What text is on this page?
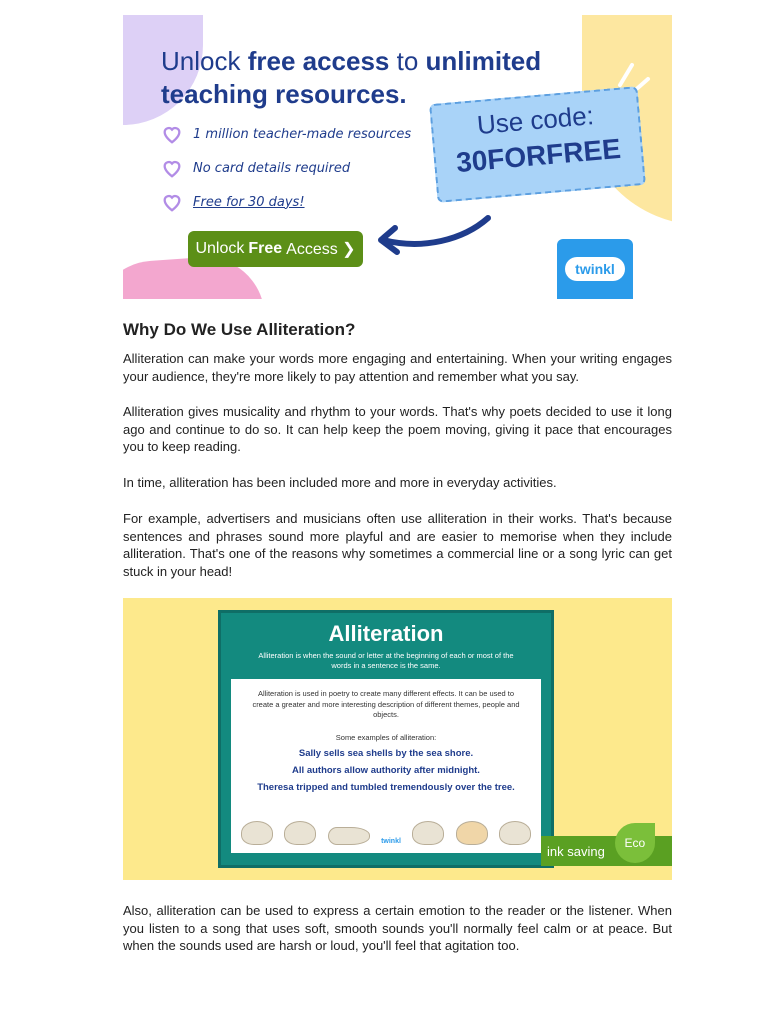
Unlock free access to unlimited teaching resources.
1 million teacher-made resources
No card details required
Free for 30 days!
Unlock Free Access ❯
Use code:
30FORFREE
twinkl
Why Do We Use Alliteration?
Alliteration can make your words more engaging and entertaining. When your writing engages your audience, they're more likely to pay attention and remember what you say.
Alliteration gives musicality and rhythm to your words. That's why poets decided to use it long ago and continue to do so. It can help keep the poem moving, giving it pace that encourages you to keep reading.
In time, alliteration has been included more and more in everyday activities.
For example, advertisers and musicians often use alliteration in their works. That's because sentences and phrases sound more playful and are easier to memorise when they include alliteration. That's one of the reasons why sometimes a commercial line or a song lyric can get stuck in your head!
Alliteration
Alliteration is when the sound or letter at the beginning of each or most of the words in a sentence is the same.
Alliteration is used in poetry to create many different effects. It can be used to create a greater and more interesting description of different themes, people and objects.
Some examples of alliteration:
Sally sells sea shells by the sea shore.
All authors allow authority after midnight.
Theresa tripped and tumbled tremendously over the tree.
twinkl
ink saving
Eco
Also, alliteration can be used to express a certain emotion to the reader or the listener. When you listen to a song that uses soft, smooth sounds you'll normally feel calm or at peace. But when the sounds used are harsh or loud, you'll feel that agitation too.
